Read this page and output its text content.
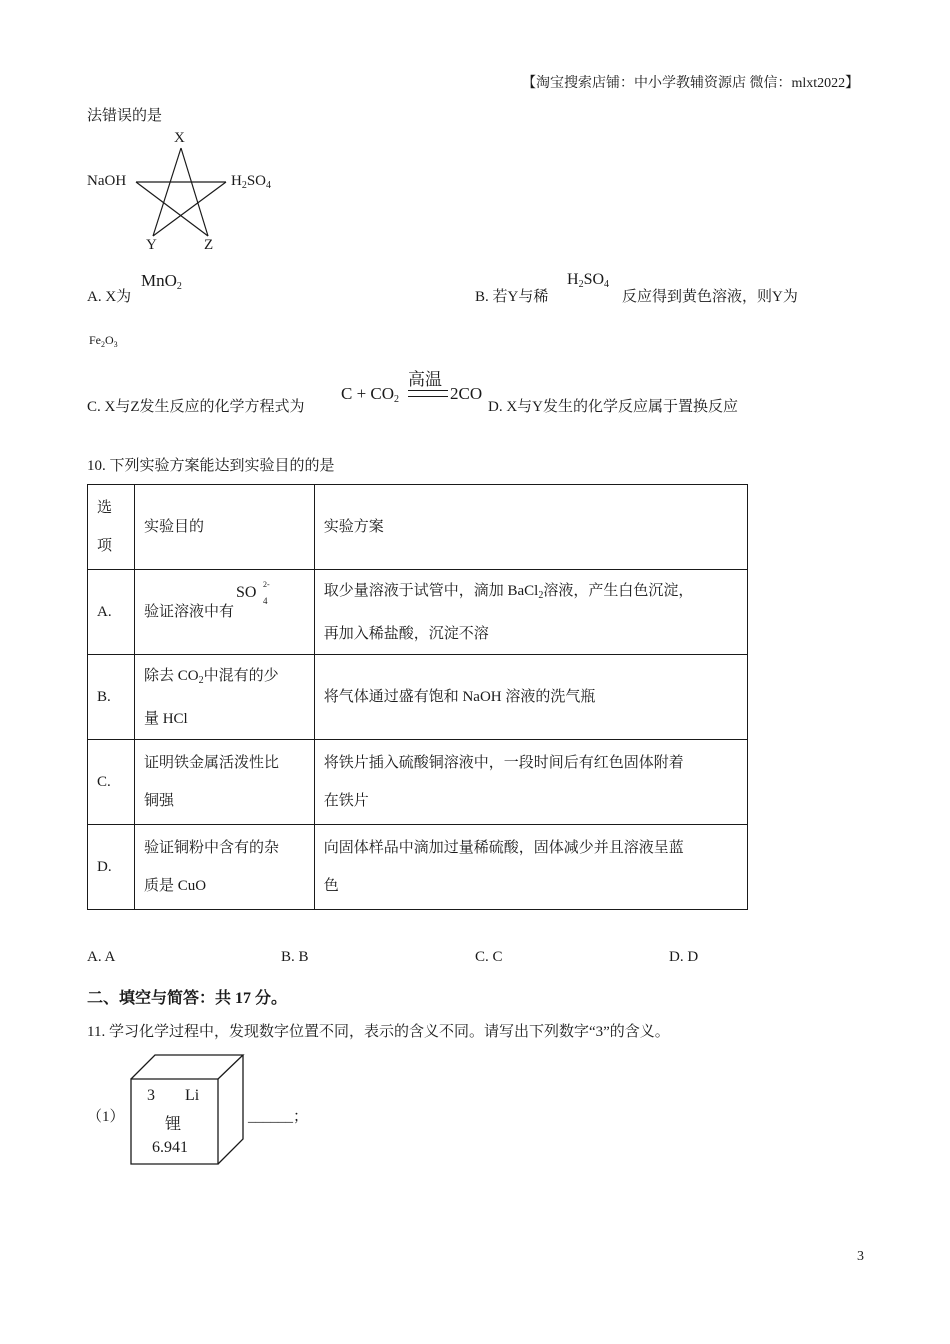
【淘宝搜索店铺：中小学教辅资源店 微信：mlxt2022】
法错误的是
X
NaOH	$H_2SO_4$
Y	Z
A. X为
MnO$_2$
B. 若Y与稀
$H_2SO_4$
反应得到黄色溶液，则Y为
$Fe_2O_3$
C. X与Z发生反应的化学方程式为
$C + CO_2$
高温
2CO
D. X与Y发生的化学反应属于置换反应
10. 下列实验方案能达到实验目的的是
选
项	实验目的	实验方案
A.	验证溶液中有
SO 2-
4	取少量溶液于试管中，滴加 BaCl$_2$溶液，产生白色沉淀，
再加入稀盐酸，沉淀不溶
B.	除去 $CO_2$中混有的少
量 HCl	将气体通过盛有饱和 NaOH 溶液的洗气瓶
C.	证明铁金属活泼性比
铜强	将铁片插入硫酸铜溶液中，一段时间后有红色固体附着
在铁片
D.	验证铜粉中含有的杂
质是 CuO	向固体样品中滴加过量稀硫酸，固体减少并且溶液呈蓝
色
A. A	B. B	C. C	D. D
二、填空与简答：共 17 分。
11. 学习化学过程中，发现数字位置不同，表示的含义不同。请写出下列数字“3”的含义。
（1）
3 Li
锂
6.941
______；
3
